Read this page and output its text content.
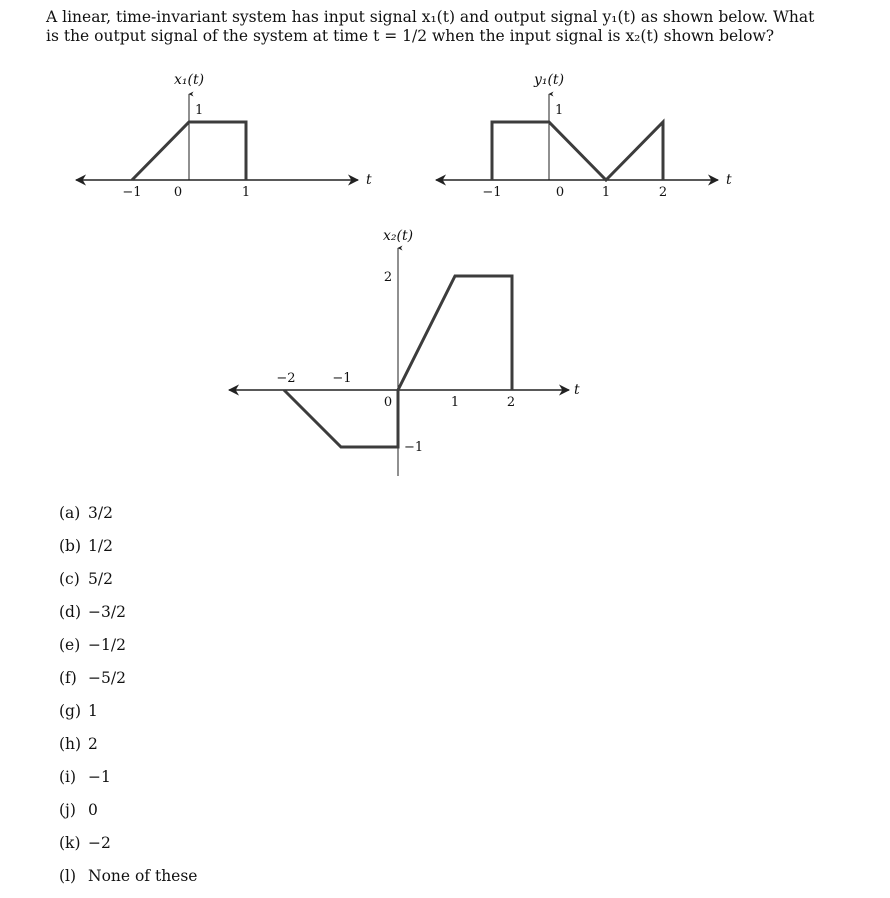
A linear, time-invariant system has input signal x₁(t) and output signal y₁(t) as shown below. What
is the output signal of the system at time t = 1/2 when the input signal is x₂(t) shown below?
x₁(t)
1
−1 0	1
t
y₁(t)
1
−1	0	1	2
t
x₂(t)
2
−1
−2	−1
0	1	2
t
(a) 3/2
(b) 1/2
(c) 5/2
(d) −3/2
(e) −1/2
(f) −5/2
(g) 1
(h) 2
(i) −1
(j) 0
(k) −2
(l) None of these
